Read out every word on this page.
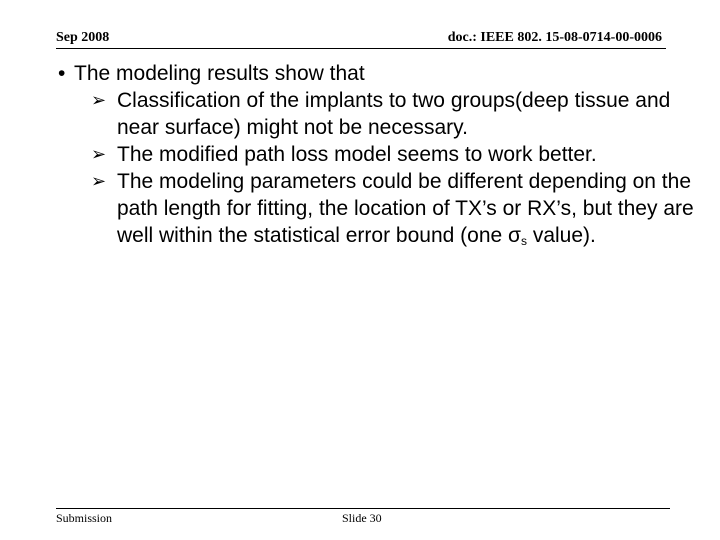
Sep 2008	doc.: IEEE 802. 15-08-0714-00-0006
• The modeling results show that
➢ Classification of the implants to two groups(deep tissue and near surface) might not be necessary.
➢ The modified path loss model seems to work better.
➢ The modeling parameters could be different depending on the path length for fitting, the location of TX’s or RX’s, but they are well within the statistical error bound (one $\sigma_s$ value).
Submission	Slide 30
